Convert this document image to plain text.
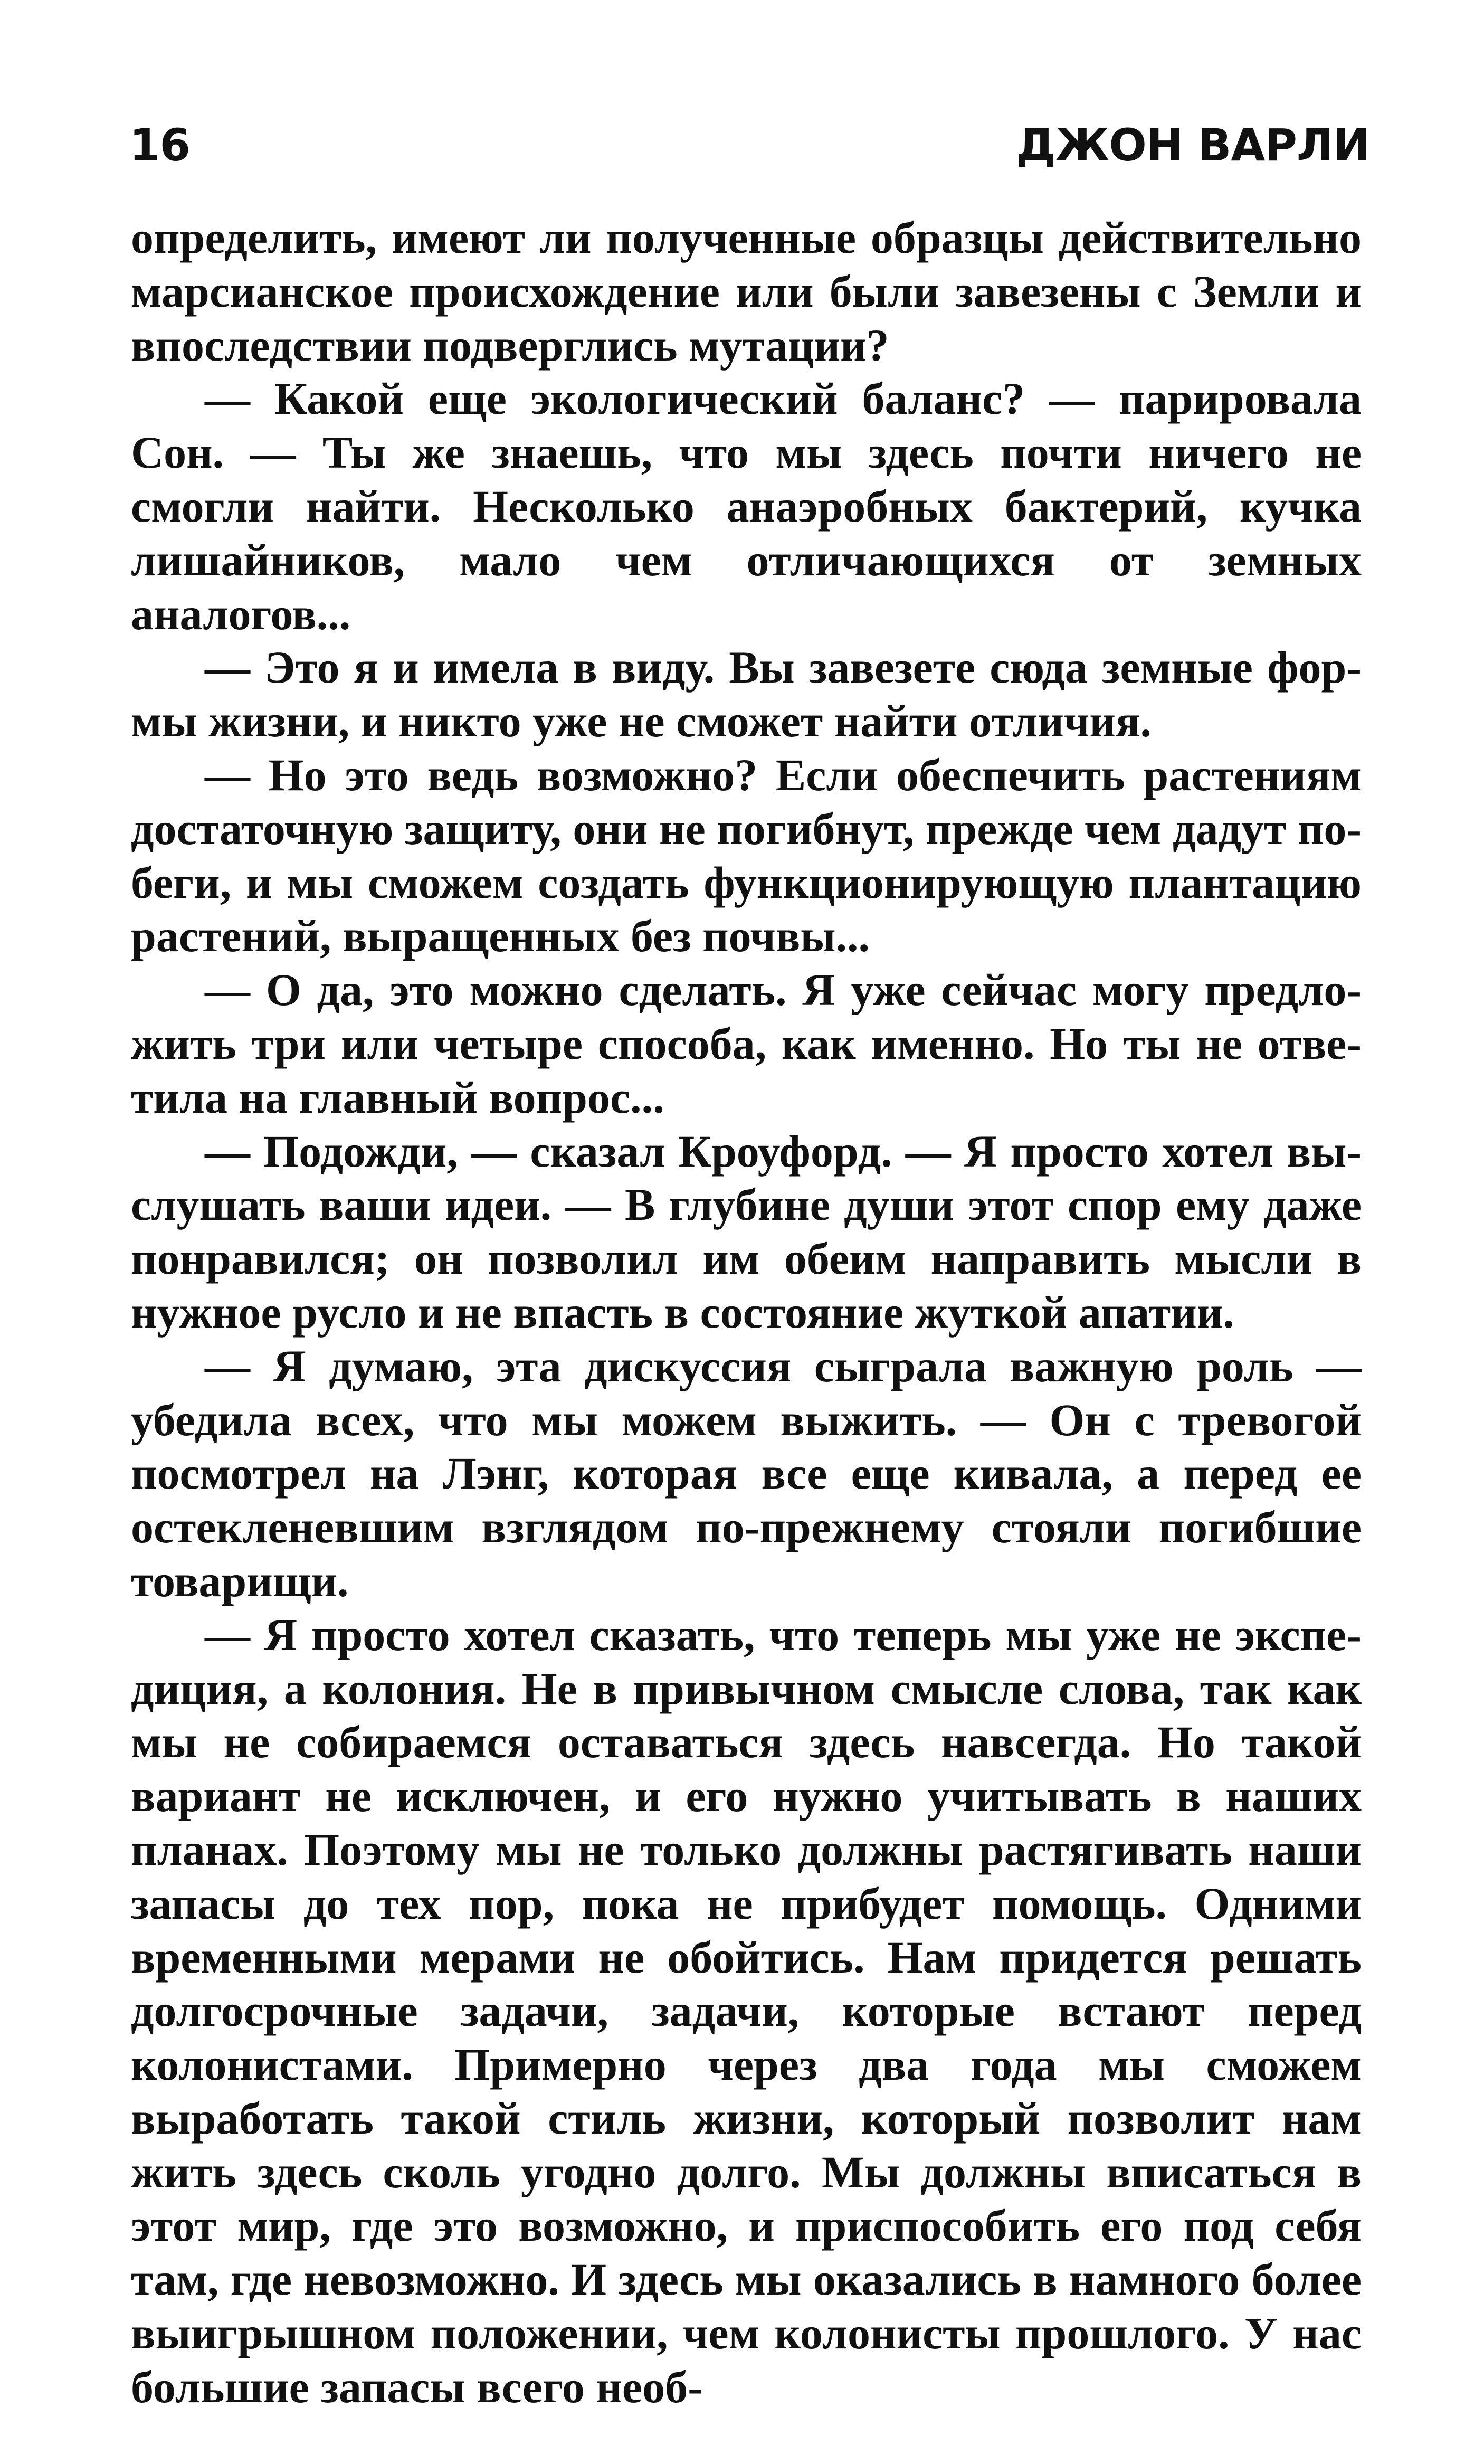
16	ДЖОН ВАРЛИ

определить, имеют ли полученные образцы действительно марсианское происхождение или были завезены с Земли и впоследствии подверглись мутации?

— Какой еще экологический баланс? — парировала Сон. — Ты же знаешь, что мы здесь почти ничего не смогли найти. Несколько анаэробных бактерий, кучка лишайников, мало чем отличающихся от земных аналогов...

— Это я и имела в виду. Вы завезете сюда земные формы жизни, и никто уже не сможет найти отличия.

— Но это ведь возможно? Если обеспечить растениям достаточную защиту, они не погибнут, прежде чем дадут побеги, и мы сможем создать функционирующую плантацию растений, выращенных без почвы...

— О да, это можно сделать. Я уже сейчас могу предложить три или четыре способа, как именно. Но ты не ответила на главный вопрос...

— Подожди, — сказал Кроуфорд. — Я просто хотел выслушать ваши идеи. — В глубине души этот спор ему даже понравился; он позволил им обеим направить мысли в нужное русло и не впасть в состояние жуткой апатии.

— Я думаю, эта дискуссия сыграла важную роль — убедила всех, что мы можем выжить. — Он с тревогой посмотрел на Лэнг, которая все еще кивала, а перед ее остекленевшим взглядом по-прежнему стояли погибшие товарищи.

— Я просто хотел сказать, что теперь мы уже не экспедиция, а колония. Не в привычном смысле слова, так как мы не собираемся оставаться здесь навсегда. Но такой вариант не исключен, и его нужно учитывать в наших планах. Поэтому мы не только должны растягивать наши запасы до тех пор, пока не прибудет помощь. Одними временными мерами не обойтись. Нам придется решать долгосрочные задачи, задачи, которые встают перед колонистами. Примерно через два года мы сможем выработать такой стиль жизни, который позволит нам жить здесь сколь угодно долго. Мы должны вписаться в этот мир, где это возможно, и приспособить его под себя там, где невозможно. И здесь мы оказались в намного более выигрышном положении, чем колонисты прошлого. У нас большие запасы всего необ-
